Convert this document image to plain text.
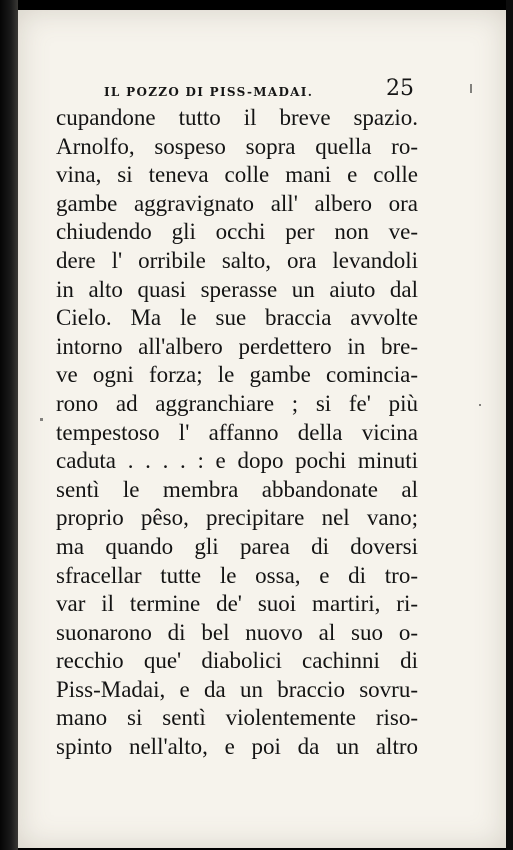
IL POZZO DI PISS-MADAI.	25
cupandone tutto il breve spazio.
Arnolfo, sospeso sopra quella ro-
vina, si teneva colle mani e colle
gambe aggravignato all' albero ora
chiudendo gli occhi per non ve-
dere l' orribile salto, ora levandoli
in alto quasi sperasse un aiuto dal
Cielo. Ma le sue braccia avvolte
intorno all'albero perdettero in bre-
ve ogni forza; le gambe comincia-
rono ad aggranchiare ; si fe' più
tempestoso l' affanno della vicina
caduta . . . . : e dopo pochi minuti
sentì le membra abbandonate al
proprio pêso, precipitare nel vano;
ma quando gli parea di doversi
sfracellar tutte le ossa, e di tro-
var il termine de' suoi martiri, ri-
suonarono di bel nuovo al suo o-
recchio que' diabolici cachinni di
Piss-Madai, e da un braccio sovru-
mano si sentì violentemente riso-
spinto nell'alto, e poi da un altro
